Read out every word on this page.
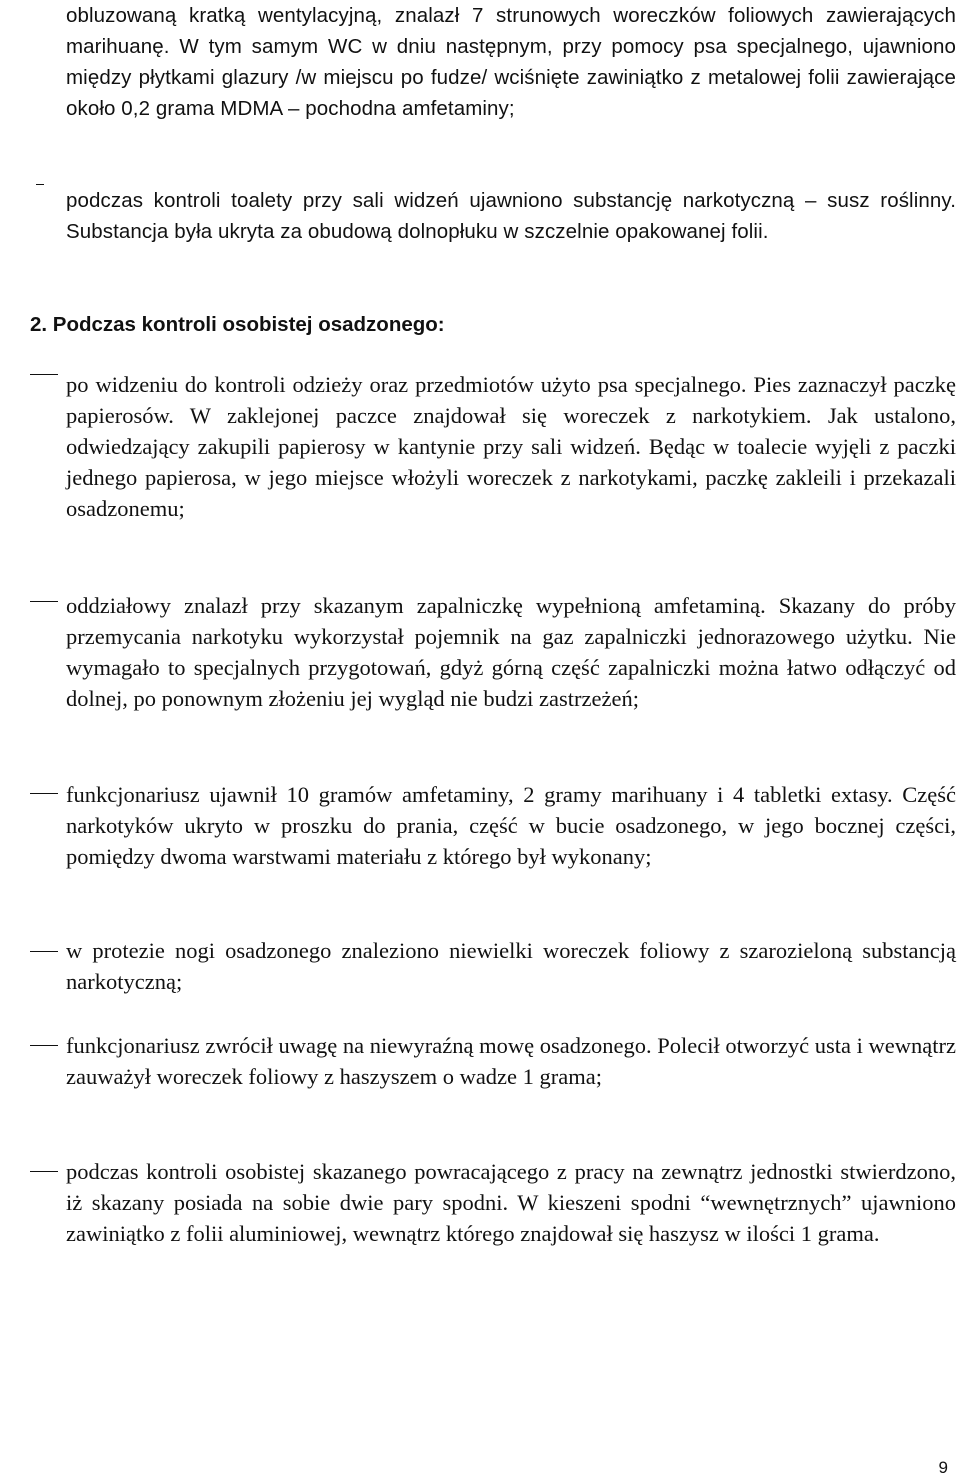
obluzowaną kratką wentylacyjną, znalazł 7 strunowych woreczków foliowych zawierających marihuanę. W tym samym WC w dniu następnym, przy pomocy psa specjalnego, ujawniono między płytkami glazury /w miejscu po fudze/ wciśnięte zawiniątko z metalowej folii zawierające około 0,2 grama MDMA – pochodna amfetaminy;

podczas kontroli toalety przy sali widzeń ujawniono substancję narkotyczną – susz roślinny. Substancja była ukryta za obudową dolnopłuku w szczelnie opakowanej folii.

2. Podczas kontroli osobistej osadzonego:

po widzeniu do kontroli odzieży oraz przedmiotów użyto psa specjalnego. Pies zaznaczył paczkę papierosów. W zaklejonej paczce znajdował się woreczek z narkotykiem. Jak ustalono, odwiedzający zakupili papierosy w kantynie przy sali widzeń. Będąc w toalecie wyjęli z paczki jednego papierosa, w jego miejsce włożyli woreczek z narkotykami, paczkę zakleili i przekazali osadzonemu;

oddziałowy znalazł przy skazanym zapalniczkę wypełnioną amfetaminą. Skazany do próby przemycania narkotyku wykorzystał pojemnik na gaz zapalniczki jednorazowego użytku. Nie wymagało to specjalnych przygotowań, gdyż górną część zapalniczki można łatwo odłączyć od dolnej, po ponownym złożeniu jej wygląd nie budzi zastrzeżeń;

funkcjonariusz ujawnił 10 gramów amfetaminy, 2 gramy marihuany i 4 tabletki extasy. Część narkotyków ukryto w proszku do prania, część w bucie osadzonego, w jego bocznej części, pomiędzy dwoma warstwami materiału z którego był wykonany;

w protezie nogi osadzonego znaleziono niewielki woreczek foliowy z szarozieloną substancją narkotyczną;

funkcjonariusz zwrócił uwagę na niewyraźną mowę osadzonego. Polecił otworzyć usta i wewnątrz zauważył woreczek foliowy z haszyszem o wadze 1 grama;

podczas kontroli osobistej skazanego powracającego z pracy na zewnątrz jednostki stwierdzono, iż skazany posiada na sobie dwie pary spodni. W kieszeni spodni “wewnętrznych” ujawniono zawiniątko z folii aluminiowej, wewnątrz którego znajdował się haszysz w ilości 1 grama.

9
